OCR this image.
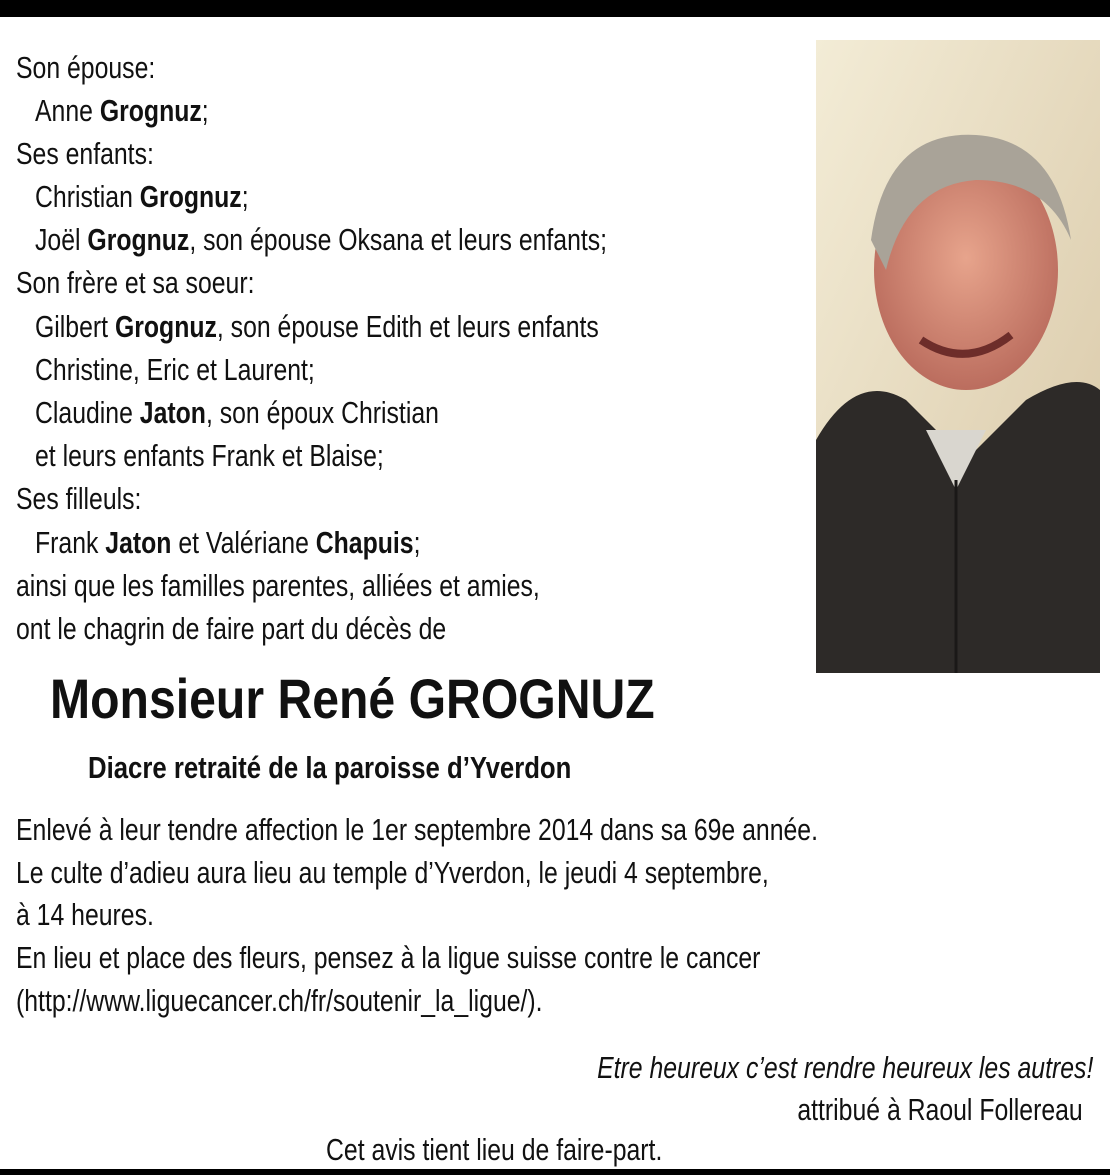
Son épouse:
Anne Grognuz;
Ses enfants:
Christian Grognuz;
Joël Grognuz, son épouse Oksana et leurs enfants;
Son frère et sa soeur:
Gilbert Grognuz, son épouse Edith et leurs enfants
Christine, Eric et Laurent;
Claudine Jaton, son époux Christian
et leurs enfants Frank et Blaise;
Ses filleuls:
Frank Jaton et Valériane Chapuis;
ainsi que les familles parentes, alliées et amies,
ont le chagrin de faire part du décès de
Monsieur René GROGNUZ
Diacre retraité de la paroisse d’Yverdon
Enlevé à leur tendre affection le 1er septembre 2014 dans sa 69e année.
Le culte d’adieu aura lieu au temple d’Yverdon, le jeudi 4 septembre,
à 14 heures.
En lieu et place des fleurs, pensez à la ligue suisse contre le cancer
(http://www.liguecancer.ch/fr/soutenir_la_ligue/).
Etre heureux c’est rendre heureux les autres!
attribué à Raoul Follereau
Cet avis tient lieu de faire-part.
